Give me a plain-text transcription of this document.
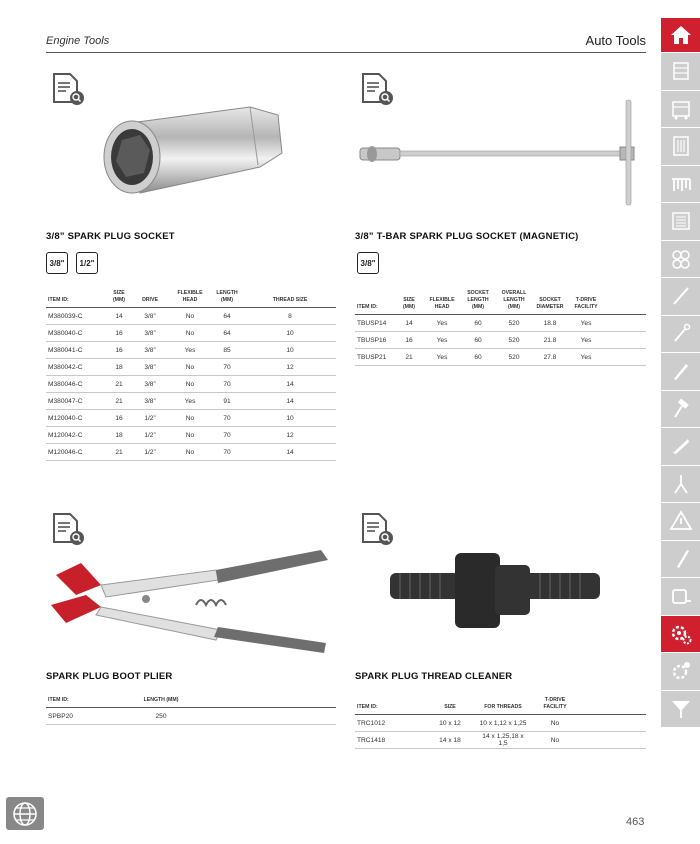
Engine Tools	Auto Tools
3/8” SPARK PLUG SOCKET
3/8"	1/2"
ITEM ID:	SIZE (MM)	DRIVE	FLEXIBLE HEAD	LENGTH (MM)	THREAD SIZE
M380039-C	14	3/8”	No	64	8
M380040-C	16	3/8”	No	64	10
M380041-C	16	3/8”	Yes	85	10
M380042-C	18	3/8”	No	70	12
M380046-C	21	3/8”	No	70	14
M380047-C	21	3/8”	Yes	91	14
M120040-C	16	1/2”	No	70	10
M120042-C	18	1/2”	No	70	12
M120046-C	21	1/2”	No	70	14
3/8” T-BAR SPARK PLUG SOCKET (MAGNETIC)
3/8"
ITEM ID:	SIZE (MM)	FLEXIBLE HEAD	SOCKET LENGTH (MM)	OVERALL LENGTH (MM)	SOCKET DIAMETER	T-DRIVE FACILITY	
TBUSP14	14	Yes	60	520	18.8	Yes	
TBUSP16	16	Yes	60	520	21.8	Yes	
TBUSP21	21	Yes	60	520	27.8	Yes	
SPARK PLUG BOOT PLIER
ITEM ID:	LENGTH (MM)	
SPBP20	250	
SPARK PLUG THREAD CLEANER
ITEM ID:	SIZE	FOR THREADS	T-DRIVE FACILITY	
TRC1012	10 x 12	10 x 1,12 x 1,25	No	
TRC1418	14 x 18	14 x 1,25,18 x 1,5	No	
463
